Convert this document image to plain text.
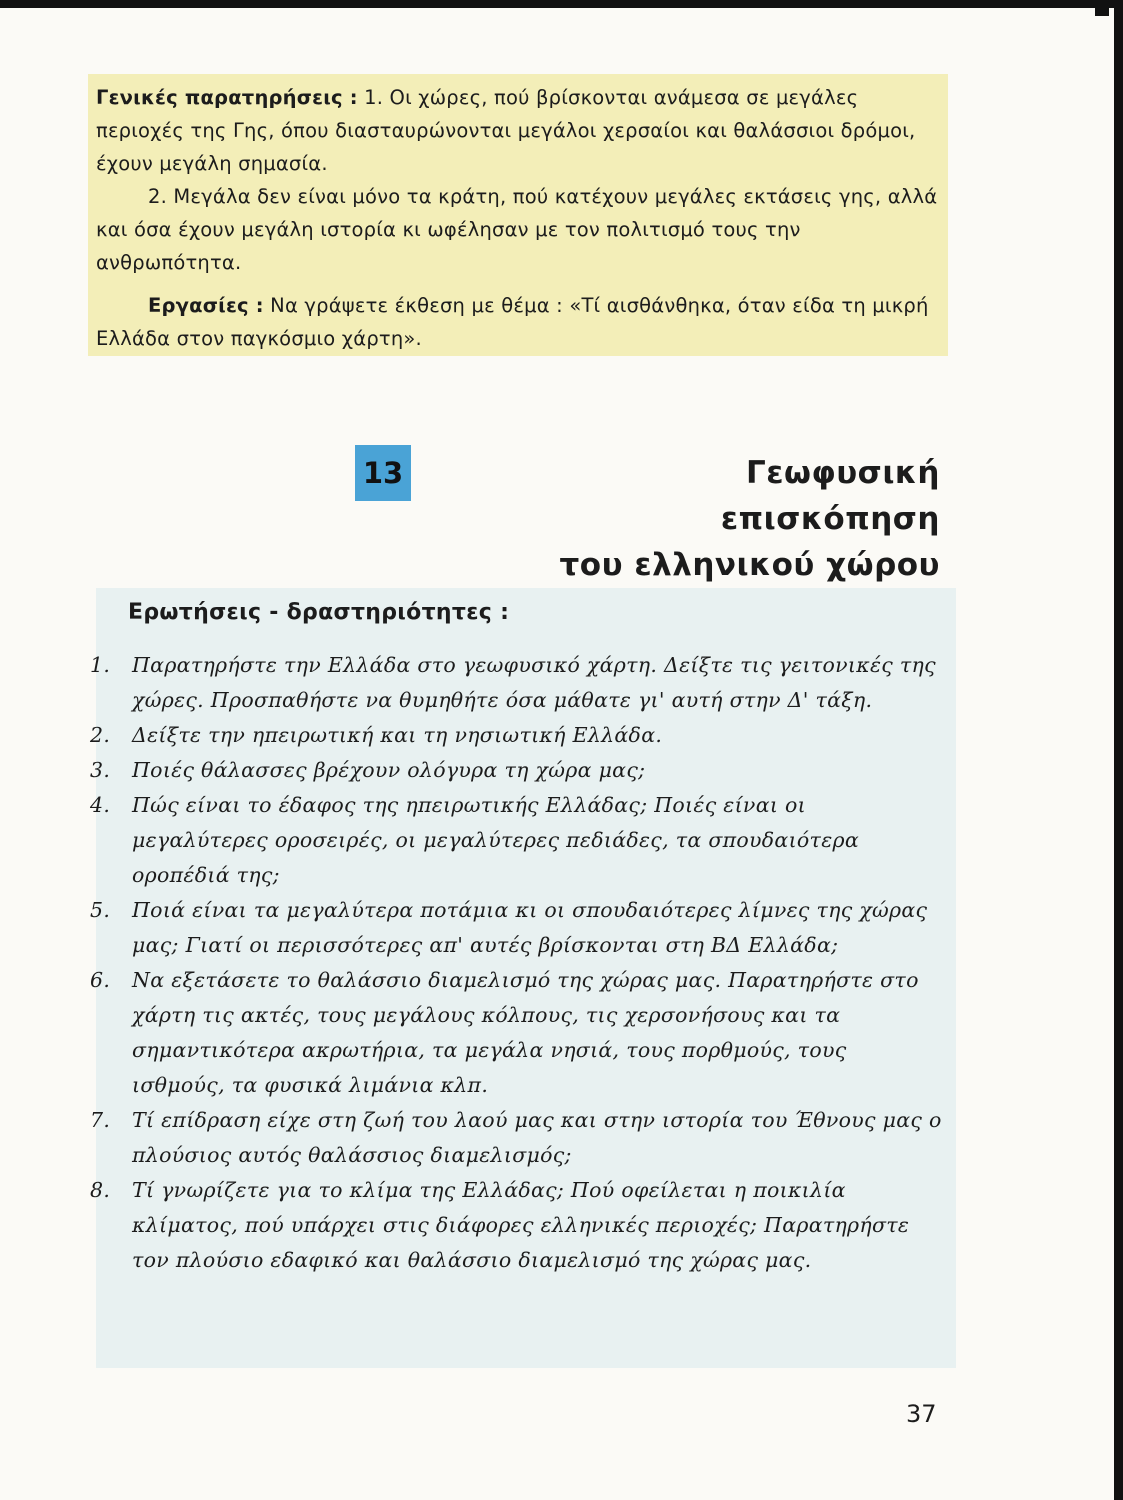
Γενικές παρατηρήσεις : 1. Οι χώρες, πού βρίσκονται ανάμεσα σε μεγάλες περιοχές της Γης, όπου διασταυρώνονται μεγάλοι χερσαίοι και θαλάσσιοι δρόμοι, έχουν μεγάλη σημασία.

2. Μεγάλα δεν είναι μόνο τα κράτη, πού κατέχουν μεγάλες εκτάσεις γης, αλλά και όσα έχουν μεγάλη ιστορία κι ωφέλησαν με τον πολιτισμό τους την ανθρωπότητα.

Εργασίες : Να γράψετε έκθεση με θέμα : «Τί αισθάνθηκα, όταν είδα τη μικρή Ελλάδα στον παγκόσμιο χάρτη».

13	Γεωφυσική επισκόπηση
του ελληνικού χώρου
Ερωτήσεις - δραστηριότητες :
1. Παρατηρήστε την Ελλάδα στο γεωφυσικό χάρτη. Δείξτε τις γειτονικές της χώρες. Προσπαθήστε να θυμηθήτε όσα μάθατε γι' αυτή στην Δ' τάξη.
2. Δείξτε την ηπειρωτική και τη νησιωτική Ελλάδα.
3. Ποιές θάλασσες βρέχουν ολόγυρα τη χώρα μας;
4. Πώς είναι το έδαφος της ηπειρωτικής Ελλάδας; Ποιές είναι οι μεγαλύτερες οροσειρές, οι μεγαλύτερες πεδιάδες, τα σπουδαιότερα οροπέδιά της;
5. Ποιά είναι τα μεγαλύτερα ποτάμια κι οι σπουδαιότερες λίμνες της χώρας μας; Γιατί οι περισσότερες απ' αυτές βρίσκονται στη ΒΔ Ελλάδα;
6. Να εξετάσετε το θαλάσσιο διαμελισμό της χώρας μας. Παρατηρήστε στο χάρτη τις ακτές, τους μεγάλους κόλπους, τις χερσονήσους και τα σημαντικότερα ακρωτήρια, τα μεγάλα νησιά, τους πορθμούς, τους ισθμούς, τα φυσικά λιμάνια κλπ.
7. Τί επίδραση είχε στη ζωή του λαού μας και στην ιστορία του Έθνους μας ο πλούσιος αυτός θαλάσσιος διαμελισμός;
8. Τί γνωρίζετε για το κλίμα της Ελλάδας; Πού οφείλεται η ποικιλία κλίματος, πού υπάρχει στις διάφορες ελληνικές περιοχές; Παρατηρήστε τον πλούσιο εδαφικό και θαλάσσιο διαμελισμό της χώρας μας.
37
